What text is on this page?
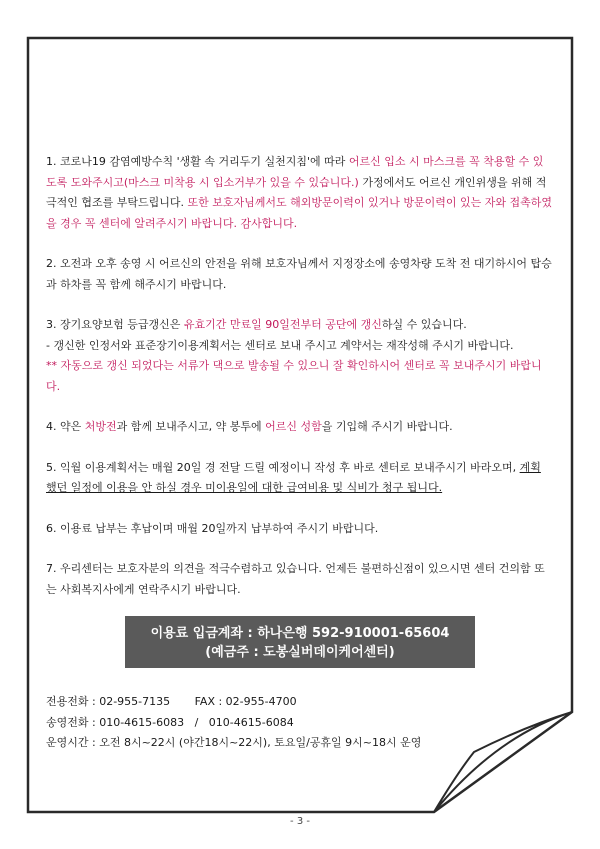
1. 코로나19 감염예방수칙 '생활 속 거리두기 실천지침'에 따라 어르신 입소 시 마스크를 꼭 착용할 수 있도록 도와주시고(마스크 미착용 시 입소거부가 있을 수 있습니다.) 가정에서도 어르신 개인위생을 위해 적극적인 협조를 부탁드립니다. 또한 보호자님께서도 해외방문이력이 있거나 방문이력이 있는 자와 접촉하였을 경우 꼭 센터에 알려주시기 바랍니다. 감사합니다.

2. 오전과 오후 송영 시 어르신의 안전을 위해 보호자님께서 지정장소에 송영차량 도착 전 대기하시어 탑승과 하차를 꼭 함께 해주시기 바랍니다.

3. 장기요양보험 등급갱신은 유효기간 만료일 90일전부터 공단에 갱신하실 수 있습니다.

- 갱신한 인정서와 표준장기이용계획서는 센터로 보내 주시고 계약서는 재작성해 주시기 바랍니다.

** 자동으로 갱신 되었다는 서류가 댁으로 발송될 수 있으니 잘 확인하시어 센터로 꼭 보내주시기 바랍니다.

4. 약은 처방전과 함께 보내주시고, 약 봉투에 어르신 성함을 기입해 주시기 바랍니다.

5. 익월 이용계획서는 매월 20일 경 전달 드릴 예정이니 작성 후 바로 센터로 보내주시기 바라오며, 계획 했던 일정에 이용을 안 하실 경우 미이용일에 대한 급여비용 및 식비가 청구 됩니다.

6. 이용료 납부는 후납이며 매월 20일까지 납부하여 주시기 바랍니다.

7. 우리센터는 보호자분의 의견을 적극수렴하고 있습니다. 언제든 불편하신점이 있으시면 센터 건의함 또는 사회복지사에게 연락주시기 바랍니다.

이용료 입금계좌 : 하나은행 592-910001-65604
(예금주 : 도봉실버데이케어센터)
전용전화 : 02-955-7135       FAX : 02-955-4700
송영전화 : 010-4615-6083   /   010-4615-6084
운영시간 : 오전 8시~22시 (야간18시~22시), 토요일/공휴일 9시~18시 운영
- 3 -
